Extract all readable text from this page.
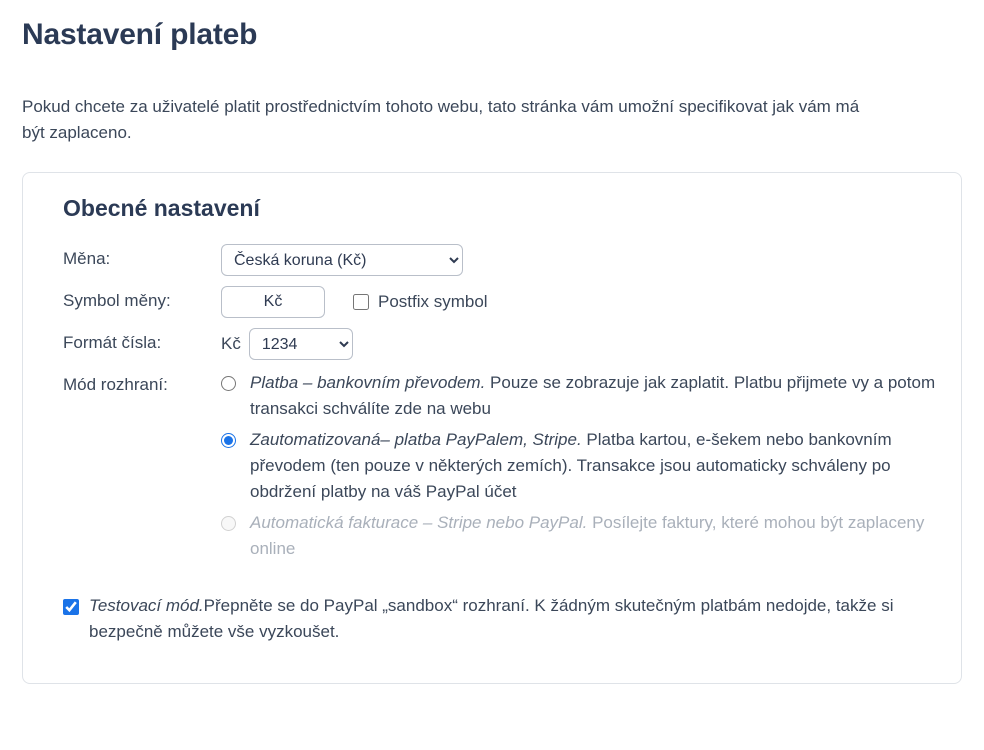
Nastavení plateb

Pokud chcete za uživatelé platit prostřednictvím tohoto webu, tato stránka vám umožní specifikovat jak vám má být zaplaceno.

Obecné nastavení
Měna:
Česká koruna (Kč)
Symbol měny:
Kč	Postfix symbol
Formát čísla:	Kč
1234
Mód rozhraní:	Platba – bankovním převodem. Pouze se zobrazuje jak zaplatit. Platbu přijmete vy a potom transakci schválíte zde na webu
Zautomatizovaná– platba PayPalem, Stripe. Platba kartou, e-šekem nebo bankovním převodem (ten pouze v některých zemích). Transakce jsou automaticky schváleny po obdržení platby na váš PayPal účet
Automatická fakturace – Stripe nebo PayPal. Posílejte faktury, které mohou být zaplaceny online
Testovací mód.Přepněte se do PayPal „sandbox“ rozhraní. K žádným skutečným platbám nedojde, takže si bezpečně můžete vše vyzkoušet.
